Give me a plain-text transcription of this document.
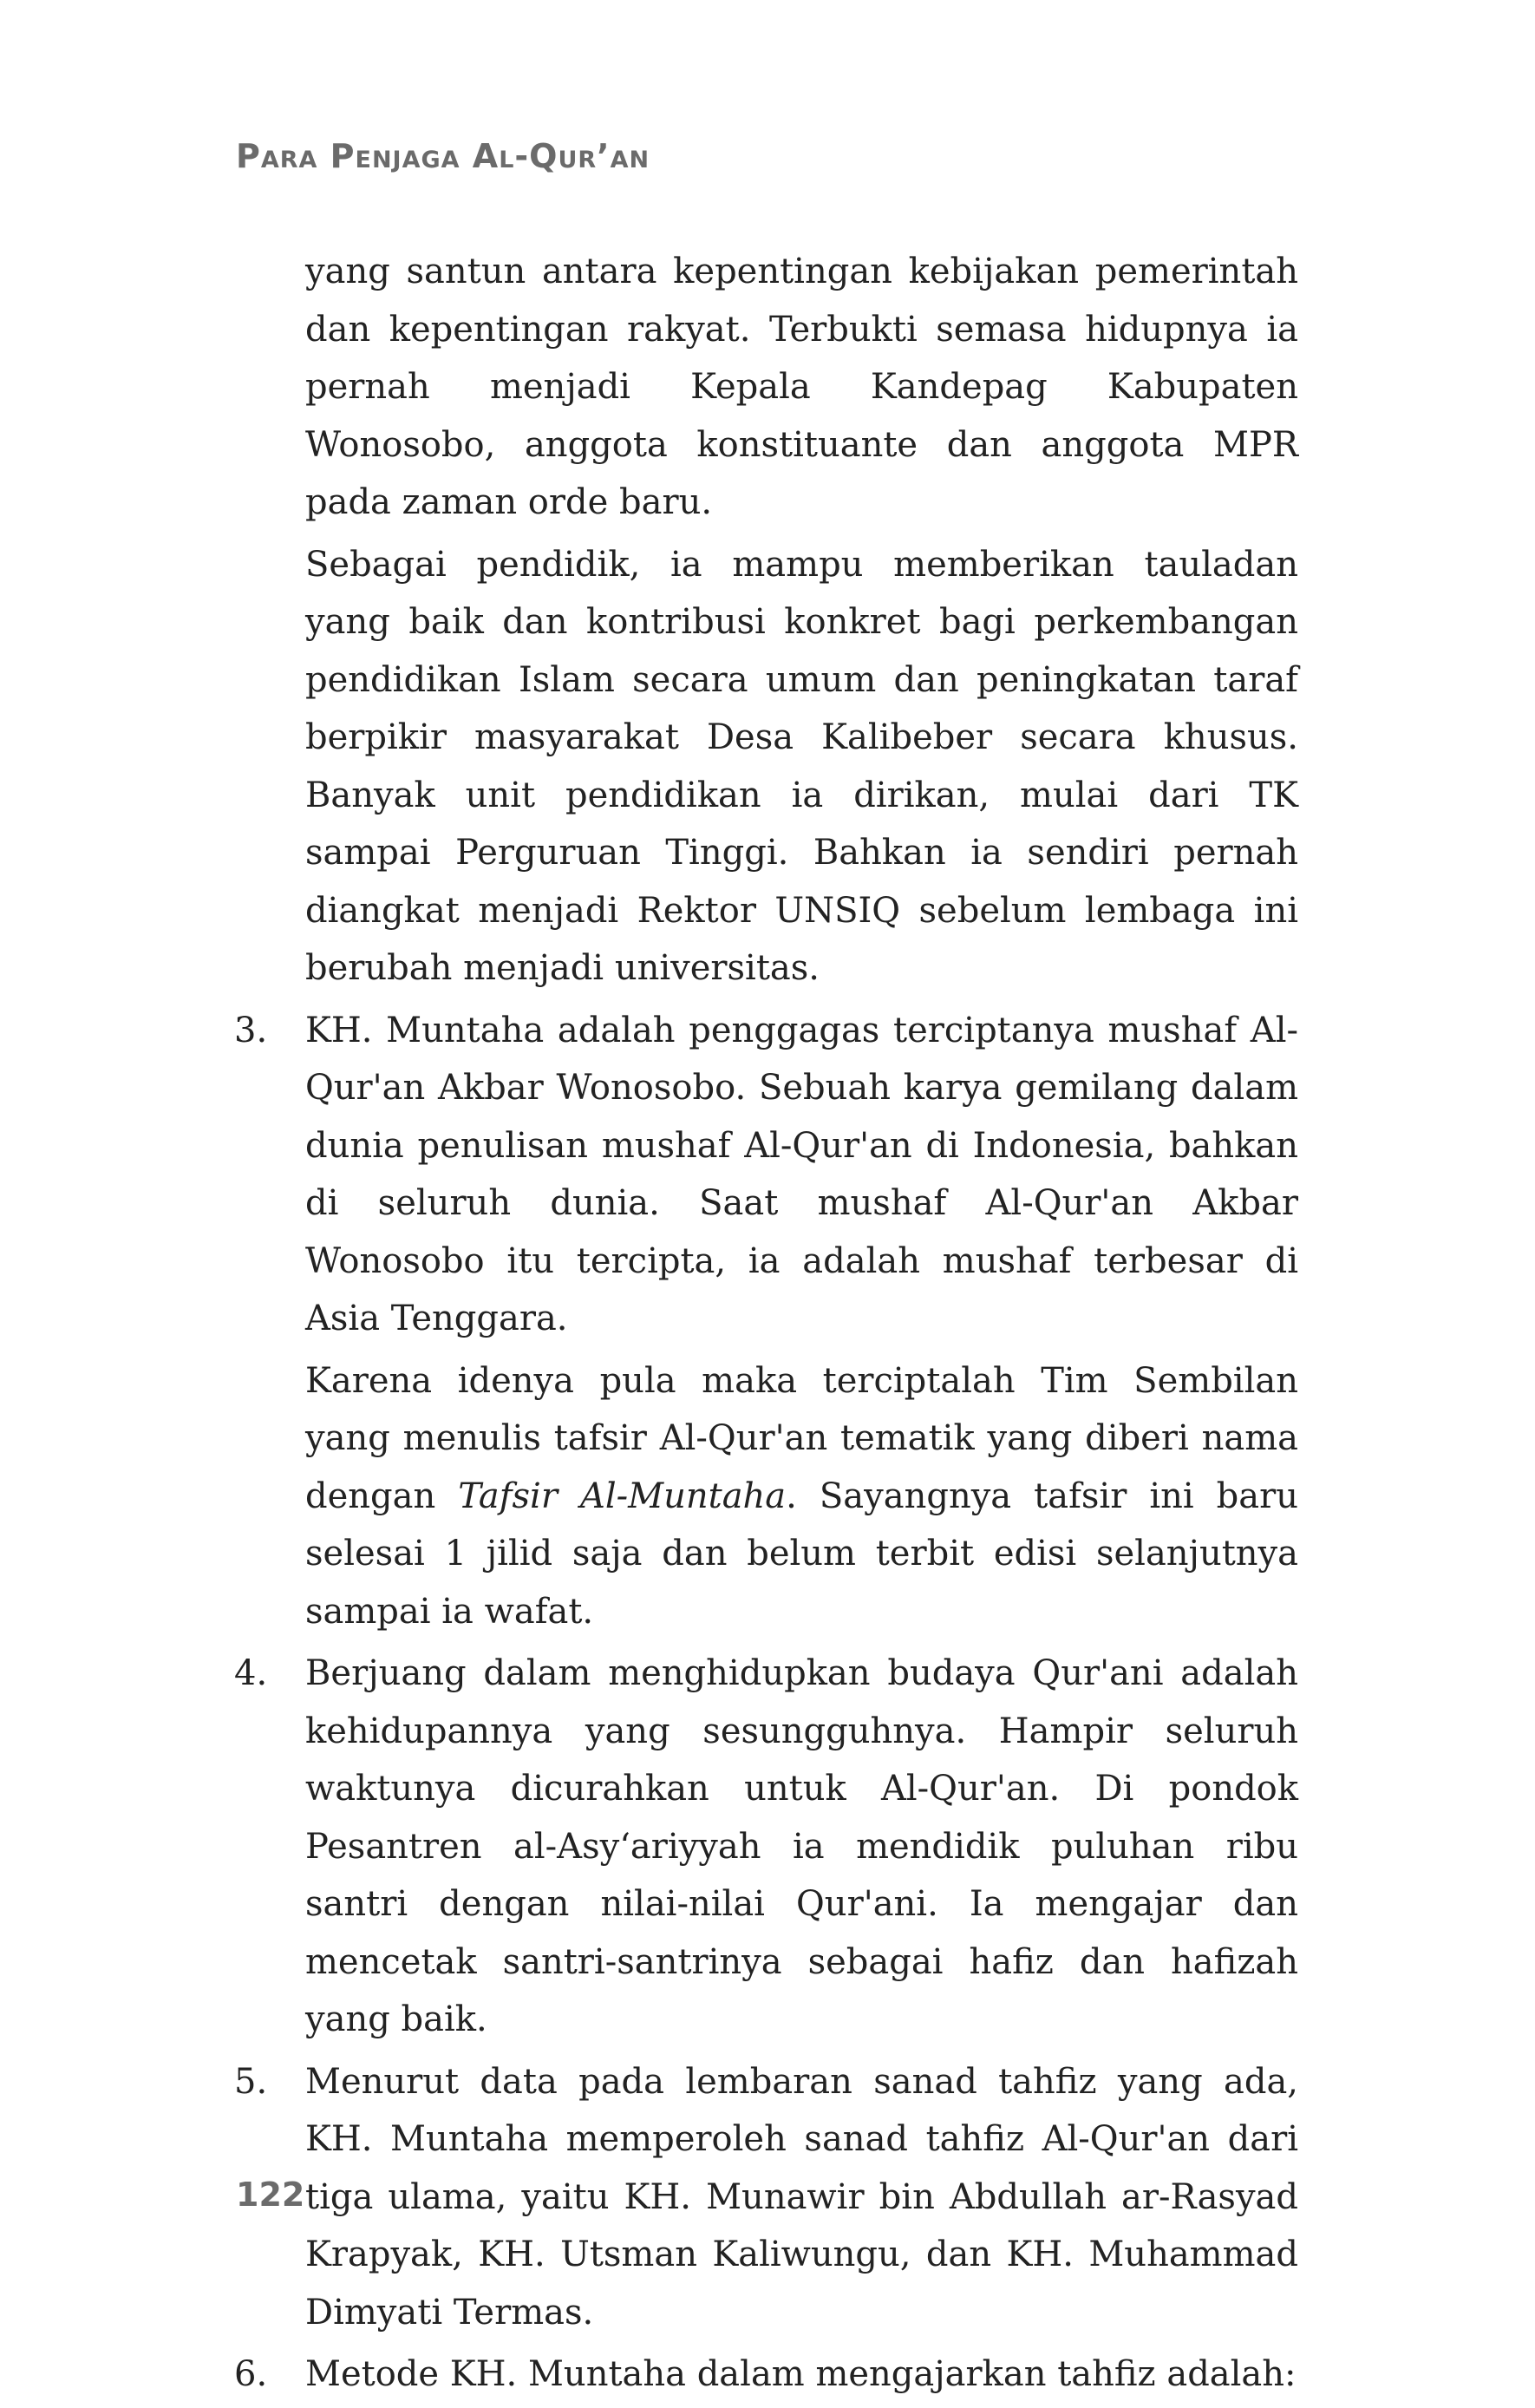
Para Penjaga Al-Qur’an

yang santun antara kepentingan kebijakan pemerintah dan kepentingan rakyat. Terbukti semasa hidupnya ia pernah menjadi Kepala Kandepag Kabupaten Wonosobo, anggota konstituante dan anggota MPR pada zaman orde baru.

Sebagai pendidik, ia mampu memberikan tauladan yang baik dan kontribusi konkret bagi perkembangan pendidikan Islam secara umum dan peningkatan taraf berpikir masyarakat Desa Kalibeber secara khusus. Banyak unit pendidikan ia dirikan, mulai dari TK sampai Perguruan Tinggi. Bahkan ia sendiri pernah diangkat menjadi Rektor UNSIQ sebelum lembaga ini berubah menjadi universitas.

3. KH. Muntaha adalah penggagas terciptanya mushaf Al-Qur'an Akbar Wonosobo. Sebuah karya gemilang dalam dunia penulisan mushaf Al-Qur'an di Indonesia, bahkan di seluruh dunia. Saat mushaf Al-Qur'an Akbar Wonosobo itu tercipta, ia adalah mushaf terbesar di Asia Tenggara.

Karena idenya pula maka terciptalah Tim Sembilan yang menulis tafsir Al-Qur'an tematik yang diberi nama dengan Tafsir Al-Muntaha. Sayangnya tafsir ini baru selesai 1 jilid saja dan belum terbit edisi selanjutnya sampai ia wafat.

4. Berjuang dalam menghidupkan budaya Qur'ani adalah kehidupannya yang sesungguhnya. Hampir seluruh waktunya dicurahkan untuk Al-Qur'an. Di pondok Pesantren al-Asy‘ariyyah ia mendidik puluhan ribu santri dengan nilai-nilai Qur'ani. Ia mengajar dan mencetak santri-santrinya sebagai hafiz dan hafizah yang baik.

5. Menurut data pada lembaran sanad tahfiz yang ada, KH. Muntaha memperoleh sanad tahfiz Al-Qur'an dari tiga ulama, yaitu KH. Munawir bin Abdullah ar-Rasyad Krapyak, KH. Utsman Kaliwungu, dan KH. Muhammad Dimyati Termas.

6. Metode KH. Muntaha dalam mengajarkan tahfiz adalah:

122
